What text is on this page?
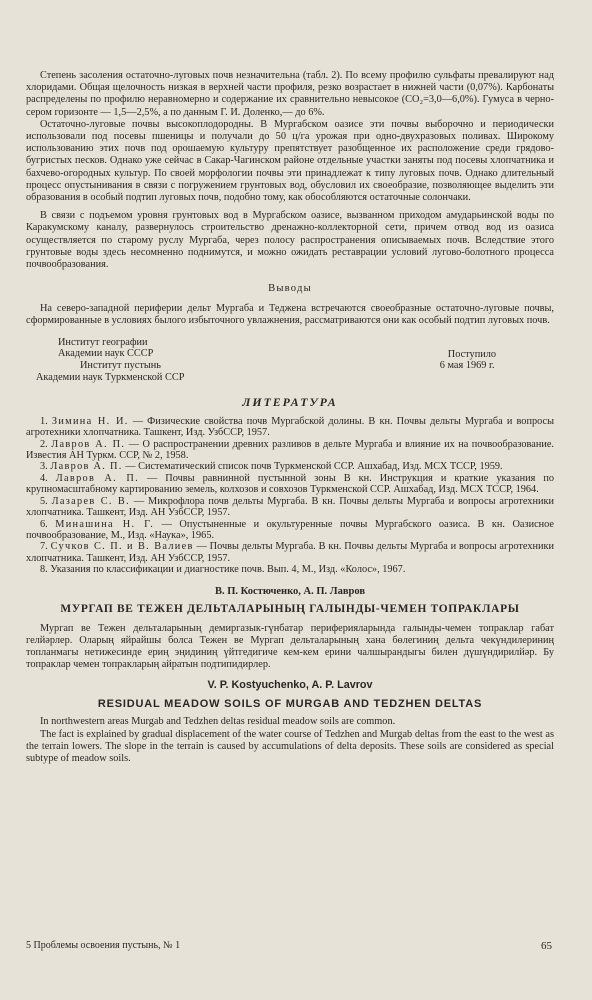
Степень засоления остаточно-луговых почв незначительна (табл. 2). По всему профилю сульфаты превалируют над хлоридами. Общая щелочность низкая в верхней части профиля, резко возрастает в нижней части (0,07%). Карбонаты распределены по профилю неравномерно и содержание их сравнительно невысокое (CO₂=3,0—6,0%). Гумуса в черно-сером горизонте — 1,5—2,5%, а по данным Г. И. Доленко,— до 6%.

Остаточно-луговые почвы высокоплодородны. В Мургабском оазисе эти почвы выборочно и периодически использовали под посевы пшеницы и получали до 50 ц/га урожая при одно-двухразовых поливах. Широкому использованию этих почв под орошаемую культуру препятствует разобщенное их расположение среди грядово-бугристых песков. Однако уже сейчас в Сакар-Чагинском районе отдельные участки заняты под посевы хлопчатника и бахчево-огородных культур. По своей морфологии почвы эти принадлежат к типу луговых почв. Однако длительный процесс опустынивания в связи с погружением грунтовых вод, обусловил их своеобразие, позволяющее выделить эти образования в особый подтип луговых почв, подобно тому, как обособляются остаточные солончаки.

В связи с подъемом уровня грунтовых вод в Мургабском оазисе, вызванном приходом амударьинской воды по Каракумскому каналу, развернулось строительство дренажно-коллекторной сети, причем отвод вод из оазиса осуществляется по старому руслу Мургаба, через полосу распространения описываемых почв. Вследствие этого грунтовые воды здесь несомненно поднимутся, и можно ожидать реставрации условий лугово-болотного процесса почвообразования.

Выводы

На северо-западной периферии дельт Мургаба и Теджена встречаются своеобразные остаточно-луговые почвы, сформированные в условиях былого избыточного увлажнения, рассматриваются они как особый подтип луговых почв.

Институт географии
Академии наук СССР
Институт пустынь
Академии наук Туркменской ССР
Поступило
6 мая 1969 г.
ЛИТЕРАТУРА

1. Зимина Н. И. — Физические свойства почв Мургабской долины. В кн. Почвы дельты Мургаба и вопросы агротехники хлопчатника. Ташкент, Изд. УзбССР, 1957.

2. Лавров А. П. — О распространении древних разливов в дельте Мургаба и влияние их на почвообразование. Известия АН Туркм. ССР, № 2, 1958.

3. Лавров А. П. — Систематический список почв Туркменской ССР. Ашхабад, Изд. МСХ ТССР, 1959.

4. Лавров А. П. — Почвы равнинной пустынной зоны В кн. Инструкция и краткие указания по крупномасштабному картированию земель, колхозов и совхозов Туркменской ССР. Ашхабад, Изд. МСХ ТССР, 1964.

5. Лазарев С. В. — Микрофлора почв дельты Мургаба. В кн. Почвы дельты Мургаба и вопросы агротехники хлопчатника. Ташкент, Изд. АН УзбССР, 1957.

6. Минашина Н. Г. — Опустыненные и окультуренные почвы Мургабского оазиса. В кн. Оазисное почвообразование, М., Изд. «Наука», 1965.

7. Сучков С. П. и В. Валиев — Почвы дельты Мургаба. В кн. Почвы дельты Мургаба и вопросы агротехники хлопчатника. Ташкент, Изд. АН УзбССР, 1957.

8. Указания по классификации и диагностике почв. Вып. 4, М., Изд. «Колос», 1967.

В. П. Костюченко, А. П. Лавров
МУРГАП ВЕ ТЕЖЕН ДЕЛЬТАЛАРЫНЫҢ ГАЛЫНДЫ-ЧЕМЕН ТОПРАКЛАРЫ

Мургап ве Тежен дельталарының демиргазык-гүнбатар периферияларында галынды-чемен топраклар габат гелйәрлер. Оларың яйрайшы болса Тежен ве Мургап дельталарының хана бөлегиниң дельта чекүндилериниң топланмагы нетижесинде ериң эңидиниң үйтгедигиче кем-кем ерини чалшырандыгы билен дүшүндирилйәр. Бу топраклар чемен топракларың айратын подтипидирлер.

V. P. Kostyuchenko, A. P. Lavrov
RESIDUAL MEADOW SOILS OF MURGAB AND TEDZHEN DELTAS

In northwestern areas Murgab and Tedzhen deltas residual meadow soils are common.

The fact is explained by gradual displacement of the water course of Tedzhen and Murgab deltas from the east to the west as the terrain lowers. The slope in the terrain is caused by accumulations of delta deposits. These soils are considered as special subtype of meadow soils.

5 Проблемы освоения пустынь, № 1	65
